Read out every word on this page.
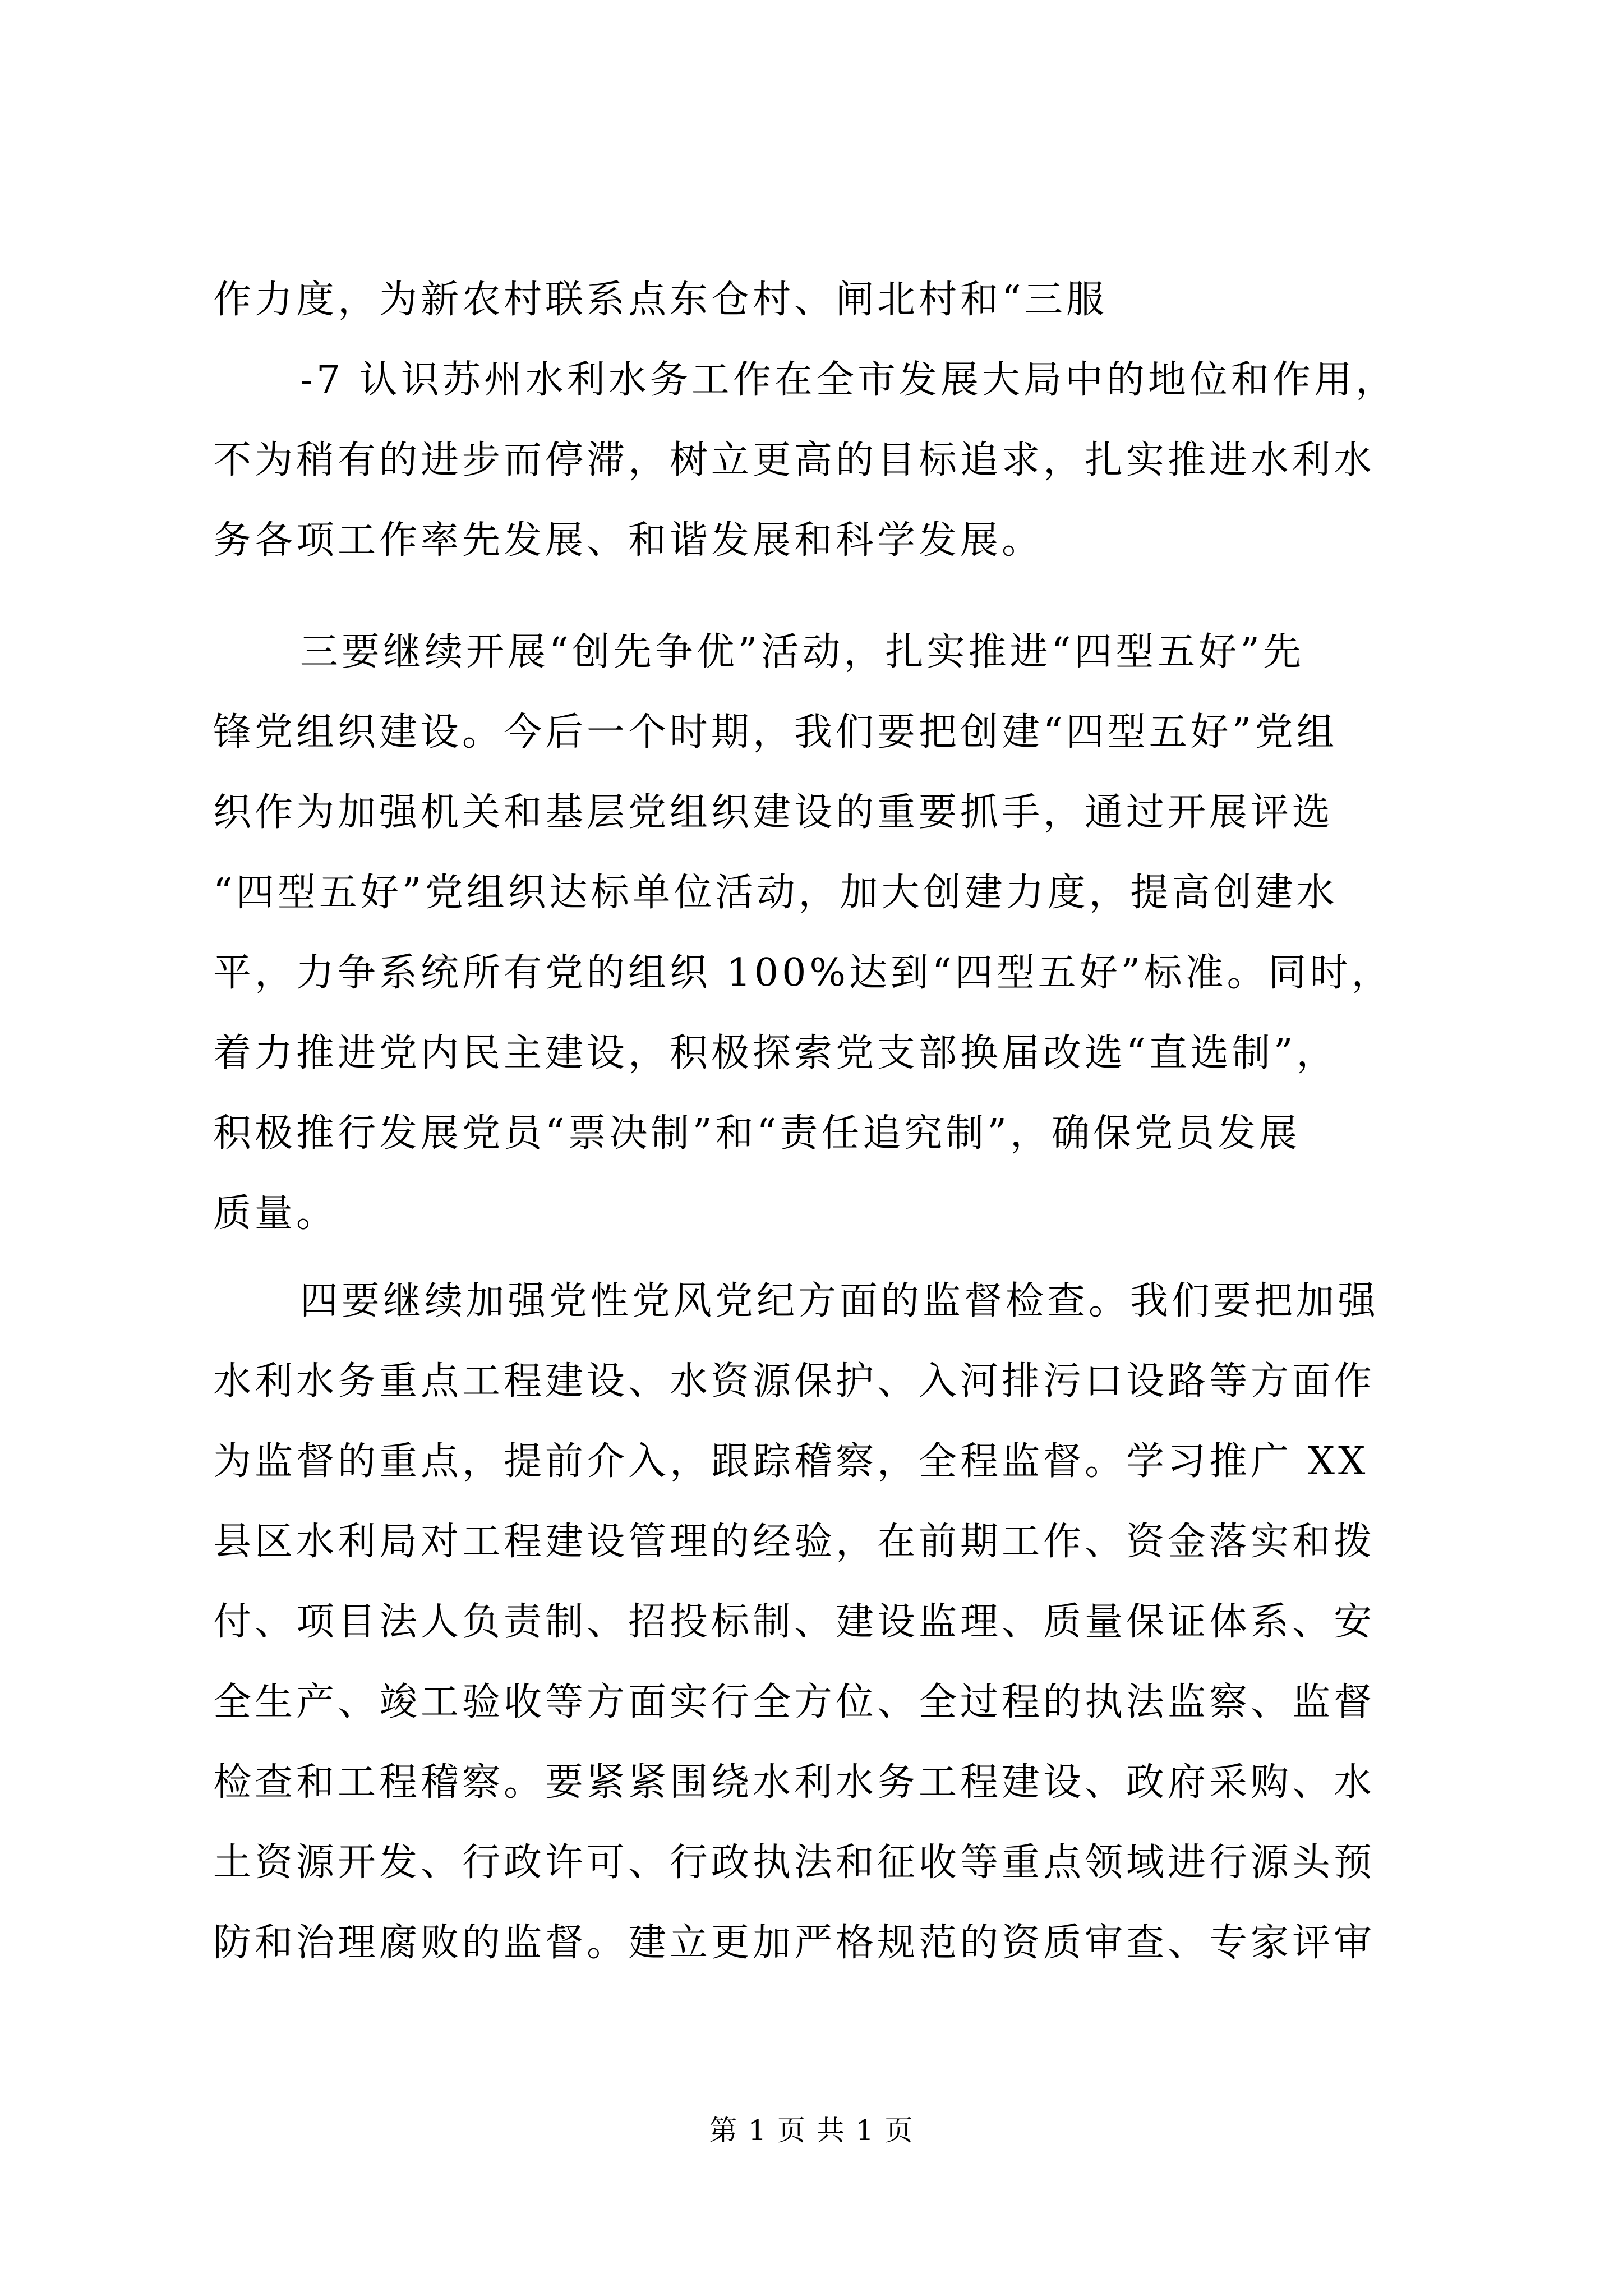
作力度，为新农村联系点东仓村、闸北村和“三服
-7 认识苏州水利水务工作在全市发展大局中的地位和作用，
不为稍有的进步而停滞，树立更高的目标追求，扎实推进水利水
务各项工作率先发展、和谐发展和科学发展。
三要继续开展“创先争优”活动，扎实推进“四型五好”先
锋党组织建设。今后一个时期，我们要把创建“四型五好”党组
织作为加强机关和基层党组织建设的重要抓手，通过开展评选
“四型五好”党组织达标单位活动，加大创建力度，提高创建水
平，力争系统所有党的组织 100%达到“四型五好”标准。同时，
着力推进党内民主建设，积极探索党支部换届改选“直选制”，
积极推行发展党员“票决制”和“责任追究制”，确保党员发展
质量。
四要继续加强党性党风党纪方面的监督检查。我们要把加强
水利水务重点工程建设、水资源保护、入河排污口设路等方面作
为监督的重点，提前介入，跟踪稽察，全程监督。学习推广 XX
县区水利局对工程建设管理的经验，在前期工作、资金落实和拨
付、项目法人负责制、招投标制、建设监理、质量保证体系、安
全生产、竣工验收等方面实行全方位、全过程的执法监察、监督
检查和工程稽察。要紧紧围绕水利水务工程建设、政府采购、水
土资源开发、行政许可、行政执法和征收等重点领域进行源头预
防和治理腐败的监督。建立更加严格规范的资质审查、专家评审
第 1 页 共 1 页
